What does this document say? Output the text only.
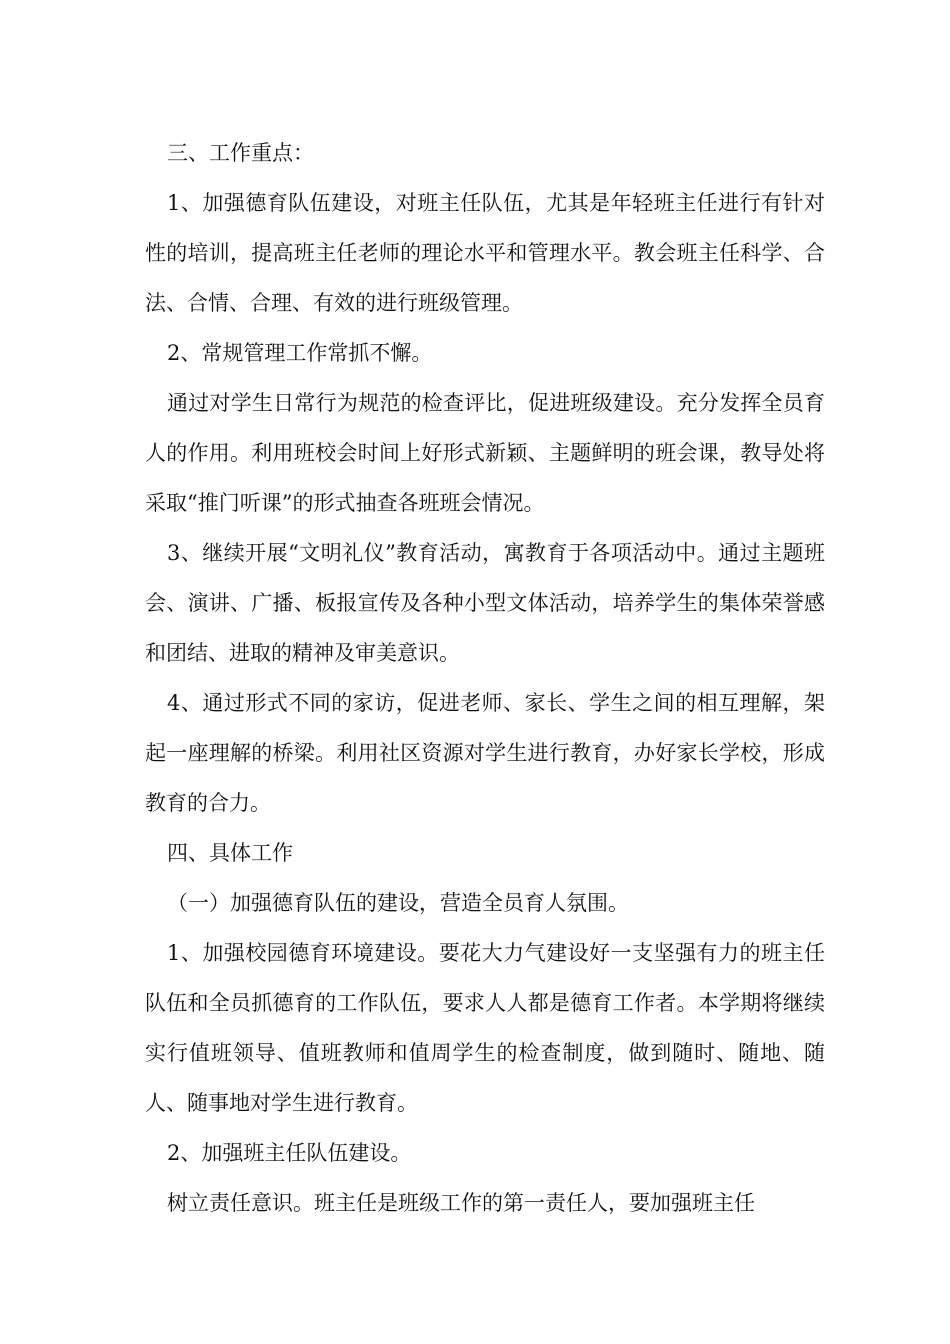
三、工作重点：

1、加强德育队伍建设，对班主任队伍，尤其是年轻班主任进行有针对性的培训，提高班主任老师的理论水平和管理水平。教会班主任科学、合法、合情、合理、有效的进行班级管理。

2、常规管理工作常抓不懈。

通过对学生日常行为规范的检查评比，促进班级建设。充分发挥全员育人的作用。利用班校会时间上好形式新颖、主题鲜明的班会课，教导处将采取“推门听课”的形式抽查各班班会情况。

3、继续开展“文明礼仪”教育活动，寓教育于各项活动中。通过主题班会、演讲、广播、板报宣传及各种小型文体活动，培养学生的集体荣誉感和团结、进取的精神及审美意识。

4、通过形式不同的家访，促进老师、家长、学生之间的相互理解，架起一座理解的桥梁。利用社区资源对学生进行教育，办好家长学校，形成教育的合力。

四、具体工作

（一）加强德育队伍的建设，营造全员育人氛围。

1、加强校园德育环境建设。要花大力气建设好一支坚强有力的班主任队伍和全员抓德育的工作队伍，要求人人都是德育工作者。本学期将继续实行值班领导、值班教师和值周学生的检查制度，做到随时、随地、随人、随事地对学生进行教育。

2、加强班主任队伍建设。

树立责任意识。班主任是班级工作的第一责任人，要加强班主任
